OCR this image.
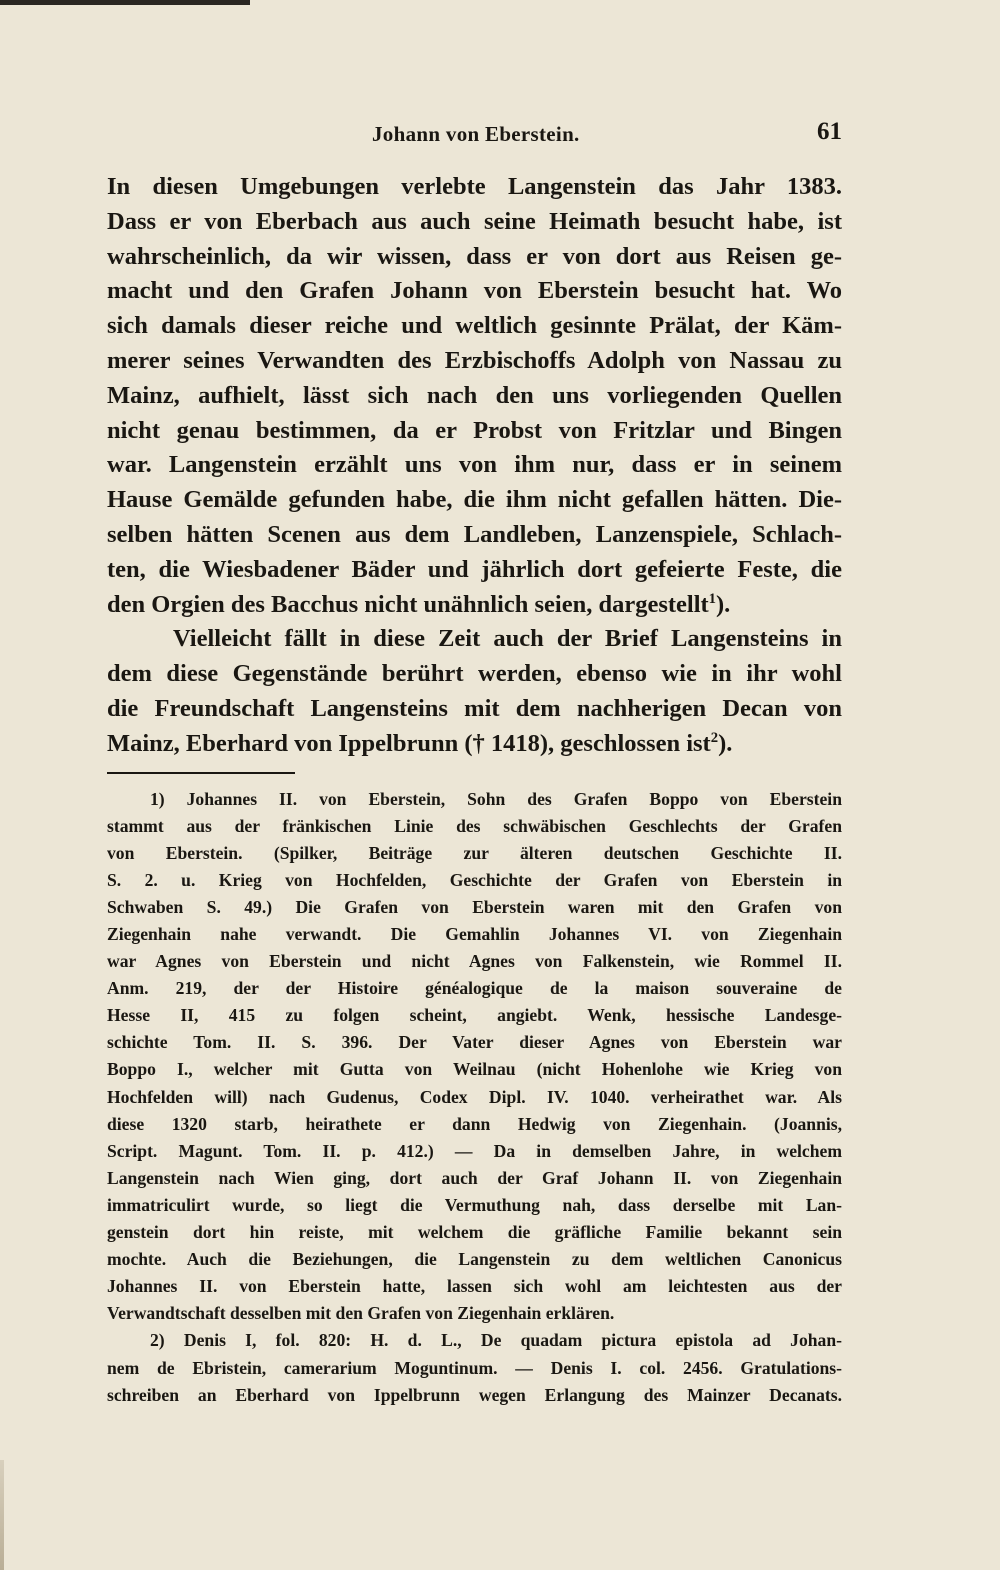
Johann von Eberstein.	61
In diesen Umgebungen verlebte Langenstein das Jahr 1383.
Dass er von Eberbach aus auch seine Heimath besucht habe, ist
wahrscheinlich, da wir wissen, dass er von dort aus Reisen ge-
macht und den Grafen Johann von Eberstein besucht hat. Wo
sich damals dieser reiche und weltlich gesinnte Prälat, der Käm-
merer seines Verwandten des Erzbischoffs Adolph von Nassau zu
Mainz, aufhielt, lässt sich nach den uns vorliegenden Quellen
nicht genau bestimmen, da er Probst von Fritzlar und Bingen
war. Langenstein erzählt uns von ihm nur, dass er in seinem
Hause Gemälde gefunden habe, die ihm nicht gefallen hätten. Die-
selben hätten Scenen aus dem Landleben, Lanzenspiele, Schlach-
ten, die Wiesbadener Bäder und jährlich dort gefeierte Feste, die
den Orgien des Bacchus nicht unähnlich seien, dargestellt$^1$).
Vielleicht fällt in diese Zeit auch der Brief Langensteins in
dem diese Gegenstände berührt werden, ebenso wie in ihr wohl
die Freundschaft Langensteins mit dem nachherigen Decan von
Mainz, Eberhard von Ippelbrunn († 1418), geschlossen ist$^2$).
1) Johannes II. von Eberstein, Sohn des Grafen Boppo von Eberstein
stammt aus der fränkischen Linie des schwäbischen Geschlechts der Grafen
von Eberstein. (Spilker, Beiträge zur älteren deutschen Geschichte II.
S. 2. u. Krieg von Hochfelden, Geschichte der Grafen von Eberstein in
Schwaben S. 49.) Die Grafen von Eberstein waren mit den Grafen von
Ziegenhain nahe verwandt. Die Gemahlin Johannes VI. von Ziegenhain
war Agnes von Eberstein und nicht Agnes von Falkenstein, wie Rommel II.
Anm. 219, der der Histoire généalogique de la maison souveraine de
Hesse II, 415 zu folgen scheint, angiebt. Wenk, hessische Landesge-
schichte Tom. II. S. 396. Der Vater dieser Agnes von Eberstein war
Boppo I., welcher mit Gutta von Weilnau (nicht Hohenlohe wie Krieg von
Hochfelden will) nach Gudenus, Codex Dipl. IV. 1040. verheirathet war. Als
diese 1320 starb, heirathete er dann Hedwig von Ziegenhain. (Joannis,
Script. Magunt. Tom. II. p. 412.) — Da in demselben Jahre, in welchem
Langenstein nach Wien ging, dort auch der Graf Johann II. von Ziegenhain
immatriculirt wurde, so liegt die Vermuthung nah, dass derselbe mit Lan-
genstein dort hin reiste, mit welchem die gräfliche Familie bekannt sein
mochte. Auch die Beziehungen, die Langenstein zu dem weltlichen Canonicus
Johannes II. von Eberstein hatte, lassen sich wohl am leichtesten aus der
Verwandtschaft desselben mit den Grafen von Ziegenhain erklären.
2) Denis I, fol. 820: H. d. L., De quadam pictura epistola ad Johan-
nem de Ebristein, camerarium Moguntinum. — Denis I. col. 2456. Gratulations-
schreiben an Eberhard von Ippelbrunn wegen Erlangung des Mainzer Decanats.
